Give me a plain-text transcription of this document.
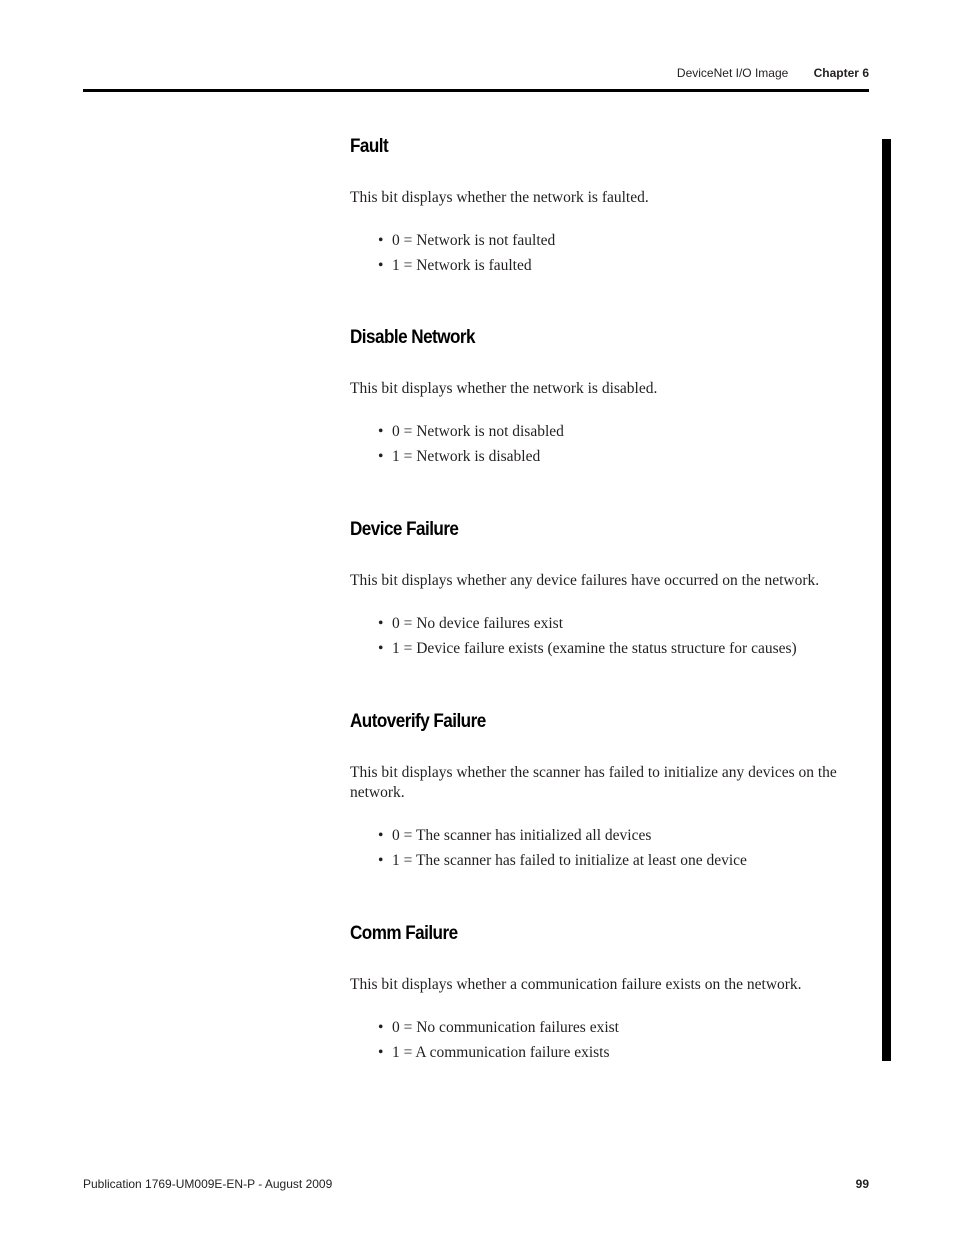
DeviceNet I/O Image Chapter 6
Fault

This bit displays whether the network is faulted.

• 0 = Network is not faulted
• 1 = Network is faulted
Disable Network

This bit displays whether the network is disabled.

• 0 = Network is not disabled
• 1 = Network is disabled
Device Failure

This bit displays whether any device failures have occurred on the network.

• 0 = No device failures exist
• 1 = Device failure exists (examine the status structure for causes)
Autoverify Failure

This bit displays whether the scanner has failed to initialize any devices on the network.

• 0 = The scanner has initialized all devices
• 1 = The scanner has failed to initialize at least one device
Comm Failure

This bit displays whether a communication failure exists on the network.

• 0 = No communication failures exist
• 1 = A communication failure exists
Publication 1769-UM009E-EN-P - August 2009	99
